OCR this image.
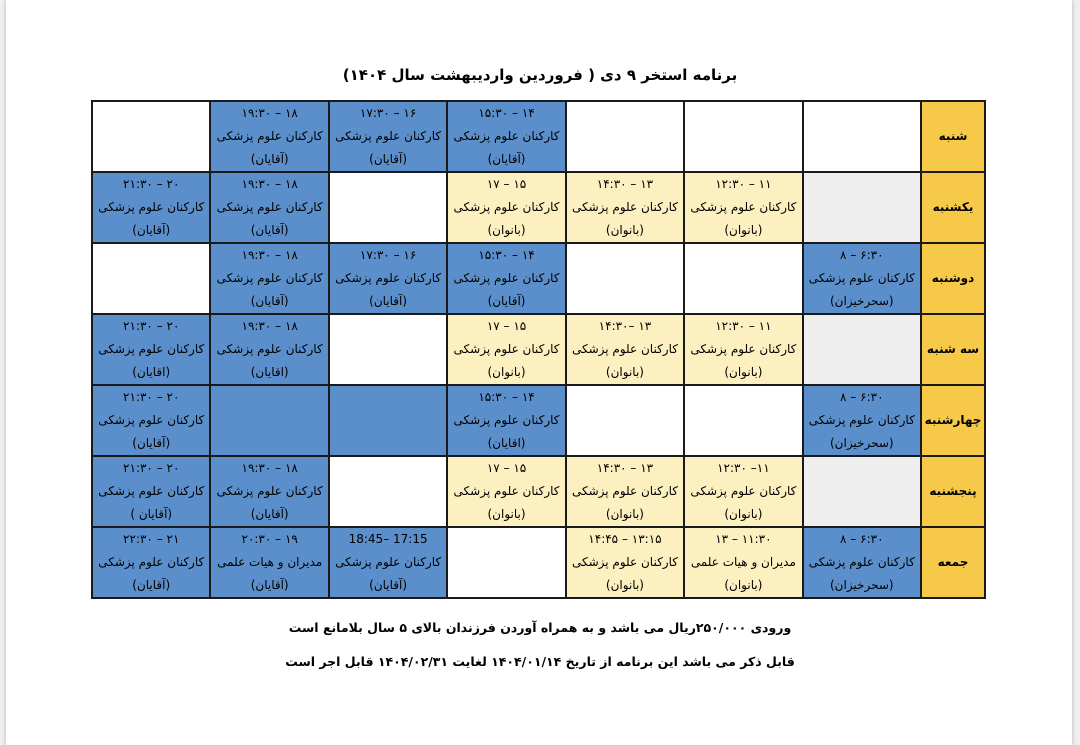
برنامه استخر ۹ دی ( فروردین واردیبهشت سال ۱۴۰۴)
شنبه				۱۴ – ۱۵:۳۰
کارکنان علوم پزشکی
(آقایان)	۱۶ – ۱۷:۳۰
کارکنان علوم پزشکی
(آقایان)	۱۸ – ۱۹:۳۰
کارکنان علوم پزشکی
(آقایان)	

یکشنبه		۱۱ – ۱۲:۳۰
کارکنان علوم پزشکی
(بانوان)	۱۳ – ۱۴:۳۰
کارکنان علوم پزشکی
(بانوان)	۱۵ – ۱۷
کارکنان علوم پزشکی
(بانوان)		۱۸ – ۱۹:۳۰
کارکنان علوم پزشکی
(آقایان)	۲۰ – ۲۱:۳۰
کارکنان علوم پزشکی
(آقایان)

دوشنبه	۶:۳۰ – ۸
کارکنان علوم پزشکی
(سحرخیزان)			۱۴ – ۱۵:۳۰
کارکنان علوم پزشکی
(آقایان)	۱۶ – ۱۷:۳۰
کارکنان علوم پزشکی
(آقایان)	۱۸ – ۱۹:۳۰
کارکنان علوم پزشکی
(آقایان)	

سه شنبه		۱۱ – ۱۲:۳۰
کارکنان علوم پزشکی
(بانوان)	۱۳ –۱۴:۳۰
کارکنان علوم پزشکی
(بانوان)	۱۵ – ۱۷
کارکنان علوم پزشکی
(بانوان)		۱۸ – ۱۹:۳۰
کارکنان علوم پزشکی
(اقایان)	۲۰ – ۲۱:۳۰
کارکنان علوم پزشکی
(اقایان)

چهارشنبه	۶:۳۰ – ۸
کارکنان علوم پزشکی
(سحرخیزان)			۱۴ – ۱۵:۳۰
کارکنان علوم پزشکی
(اقایان)			۲۰ – ۲۱:۳۰
کارکنان علوم پزشکی
(آقایان)

پنجشنبه		۱۱– ۱۲:۳۰
کارکنان علوم پزشکی
(بانوان)	۱۳ – ۱۴:۳۰
کارکنان علوم پزشکی
(بانوان)	۱۵ – ۱۷
کارکنان علوم پزشکی
(بانوان)		۱۸ – ۱۹:۳۰
کارکنان علوم پزشکی
(آقایان)	۲۰ – ۲۱:۳۰
کارکنان علوم پزشکی
(آقایان )

جمعه	۶:۳۰ – ۸
کارکنان علوم پزشکی
(سحرخیزان)	۱۱:۳۰ – ۱۳
مدیران و هیات علمی
(بانوان)	۱۳:۱۵ – ۱۴:۴۵
کارکنان علوم پزشکی
(بانوان)		17:15 –18:45
کارکنان علوم پزشکی
(آقایان)	۱۹ – ۲۰:۳۰
مدیران و هیات علمی
(آقایان)	۲۱ – ۲۲:۳۰
کارکنان علوم پزشکی
(آقایان)
ورودی ۲۵۰/۰۰۰ریال می باشد و به همراه آوردن فرزندان بالای ۵ سال بلامانع است
قابل ذکر می باشد این برنامه از تاریخ ۱۴۰۴/۰۱/۱۴ لغایت ۱۴۰۴/۰۲/۳۱ قابل اجر است
